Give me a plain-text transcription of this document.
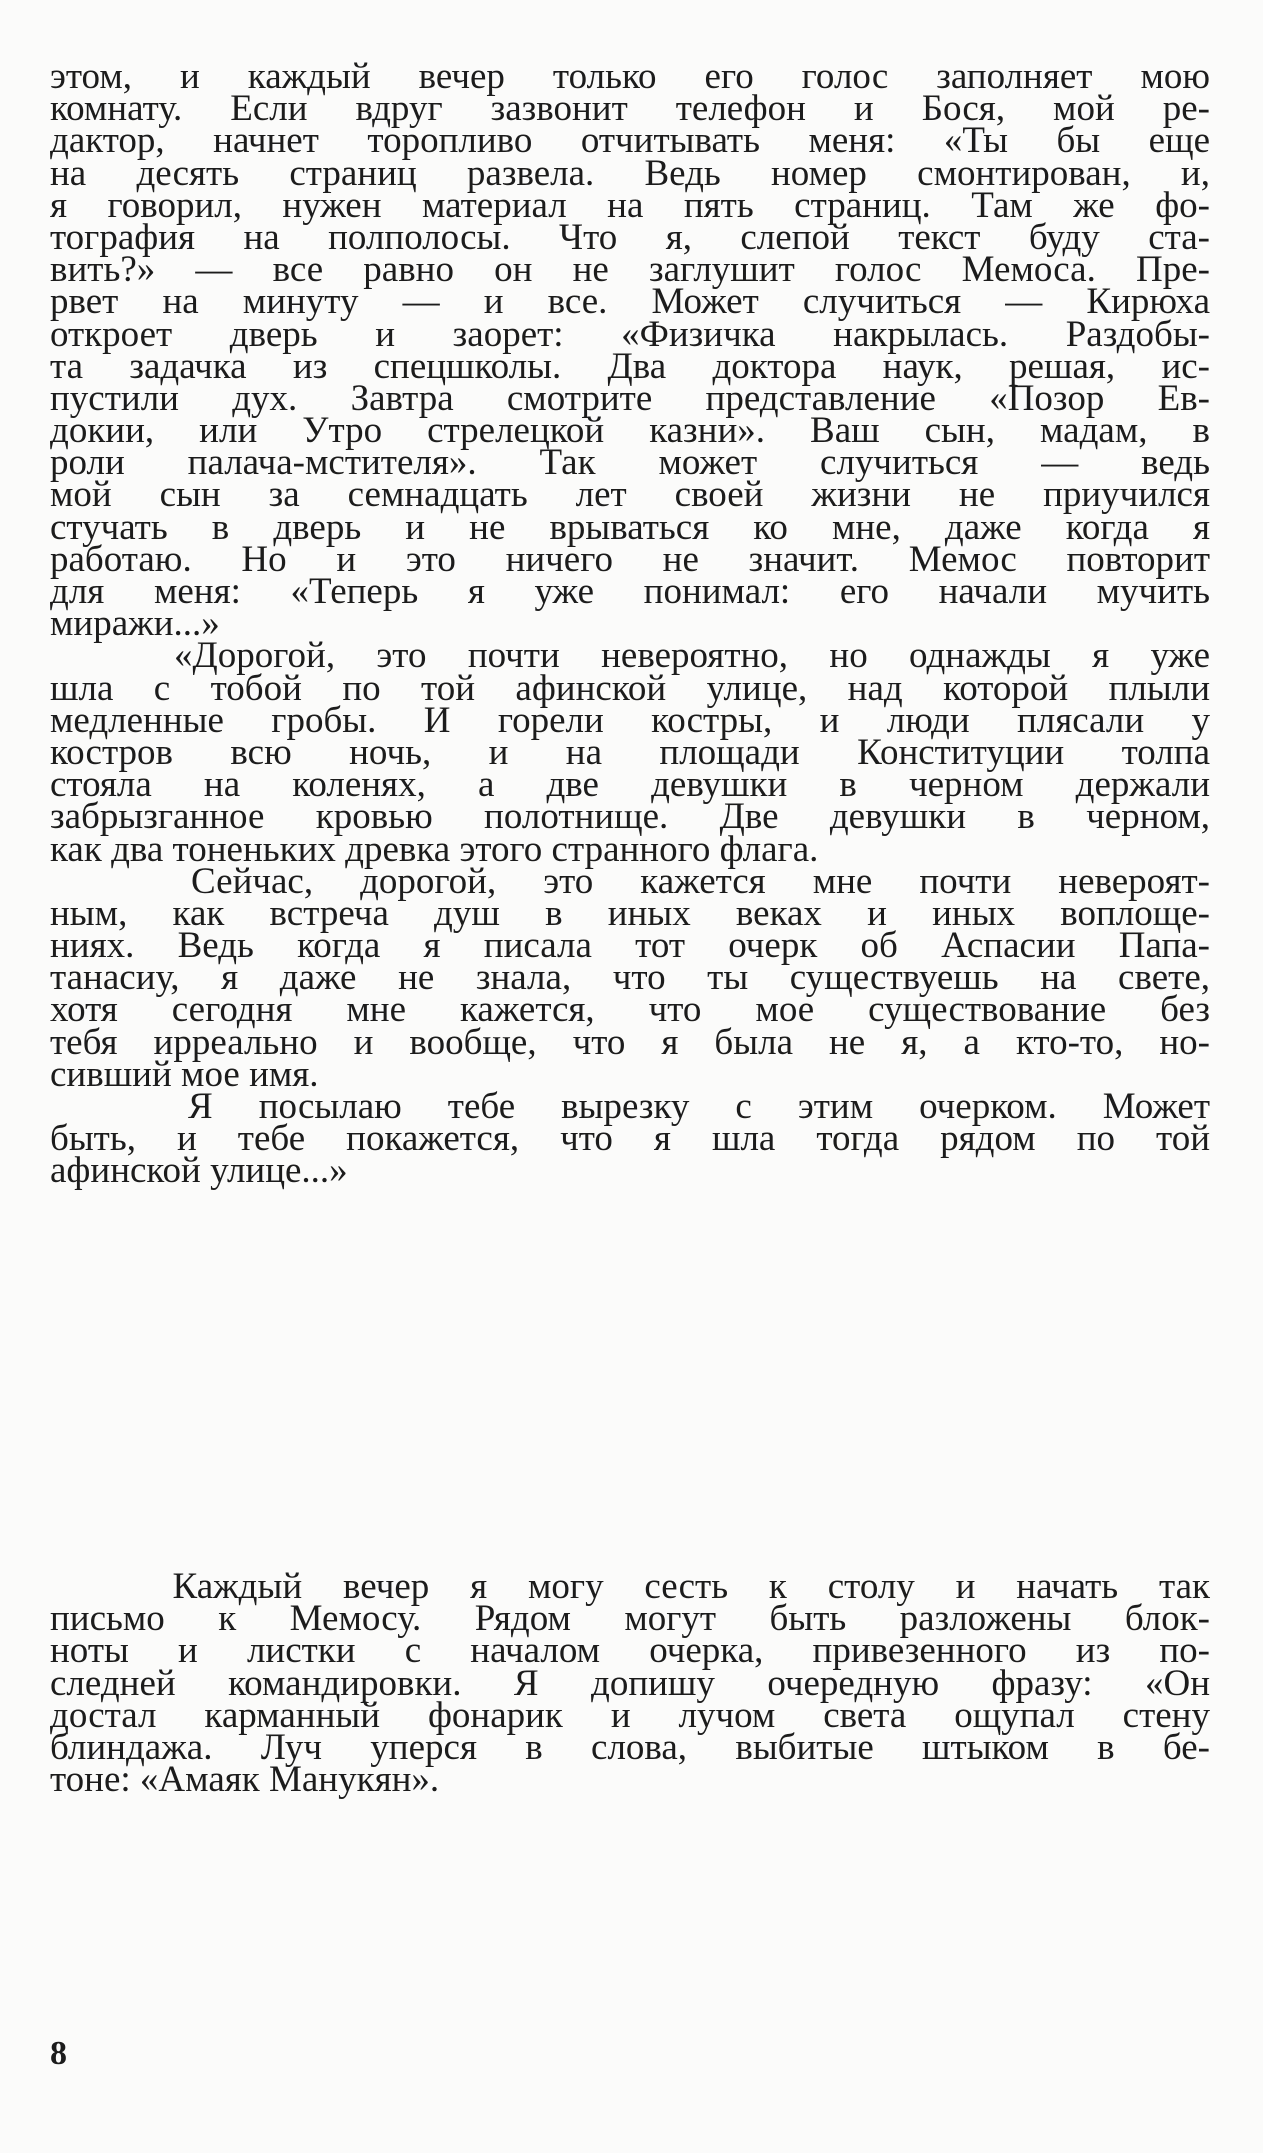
этом, и каждый вечер только его голос заполняет мою
комнату. Если вдруг зазвонит телефон и Бося, мой ре-
дактор, начнет торопливо отчитывать меня: «Ты бы еще
на десять страниц развела. Ведь номер смонтирован, и,
я говорил, нужен материал на пять страниц. Там же фо-
тография на полполосы. Что я, слепой текст буду ста-
вить?» — все равно он не заглушит голос Мемоса. Пре-
рвет на минуту — и все. Может случиться — Кирюха
откроет дверь и заорет: «Физичка накрылась. Раздобы-
та задачка из спецшколы. Два доктора наук, решая, ис-
пустили дух. Завтра смотрите представление «Позор Ев-
докии, или Утро стрелецкой казни». Ваш сын, мадам, в
роли палача-мстителя». Так может случиться — ведь
мой сын за семнадцать лет своей жизни не приучился
стучать в дверь и не врываться ко мне, даже когда я
работаю. Но и это ничего не значит. Мемос повторит
для меня: «Теперь я уже понимал: его начали мучить
миражи...»
«Дорогой, это почти невероятно, но однажды я уже
шла с тобой по той афинской улице, над которой плыли
медленные гробы. И горели костры, и люди плясали у
костров всю ночь, и на площади Конституции толпа
стояла на коленях, а две девушки в черном держали
забрызганное кровью полотнище. Две девушки в черном,
как два тоненьких древка этого странного флага.
Сейчас, дорогой, это кажется мне почти невероят-
ным, как встреча душ в иных веках и иных воплоще-
ниях. Ведь когда я писала тот очерк об Аспасии Папа-
танасиу, я даже не знала, что ты существуешь на свете,
хотя сегодня мне кажется, что мое существование без
тебя ирреально и вообще, что я была не я, а кто-то, но-
сивший мое имя.
Я посылаю тебе вырезку с этим очерком. Может
быть, и тебе покажется, что я шла тогда рядом по той
афинской улице...»
Каждый вечер я могу сесть к столу и начать так
письмо к Мемосу. Рядом могут быть разложены блок-
ноты и листки с началом очерка, привезенного из по-
следней командировки. Я допишу очередную фразу: «Он
достал карманный фонарик и лучом света ощупал стену
блиндажа. Луч уперся в слова, выбитые штыком в бе-
тоне: «Амаяк Манукян».
8
